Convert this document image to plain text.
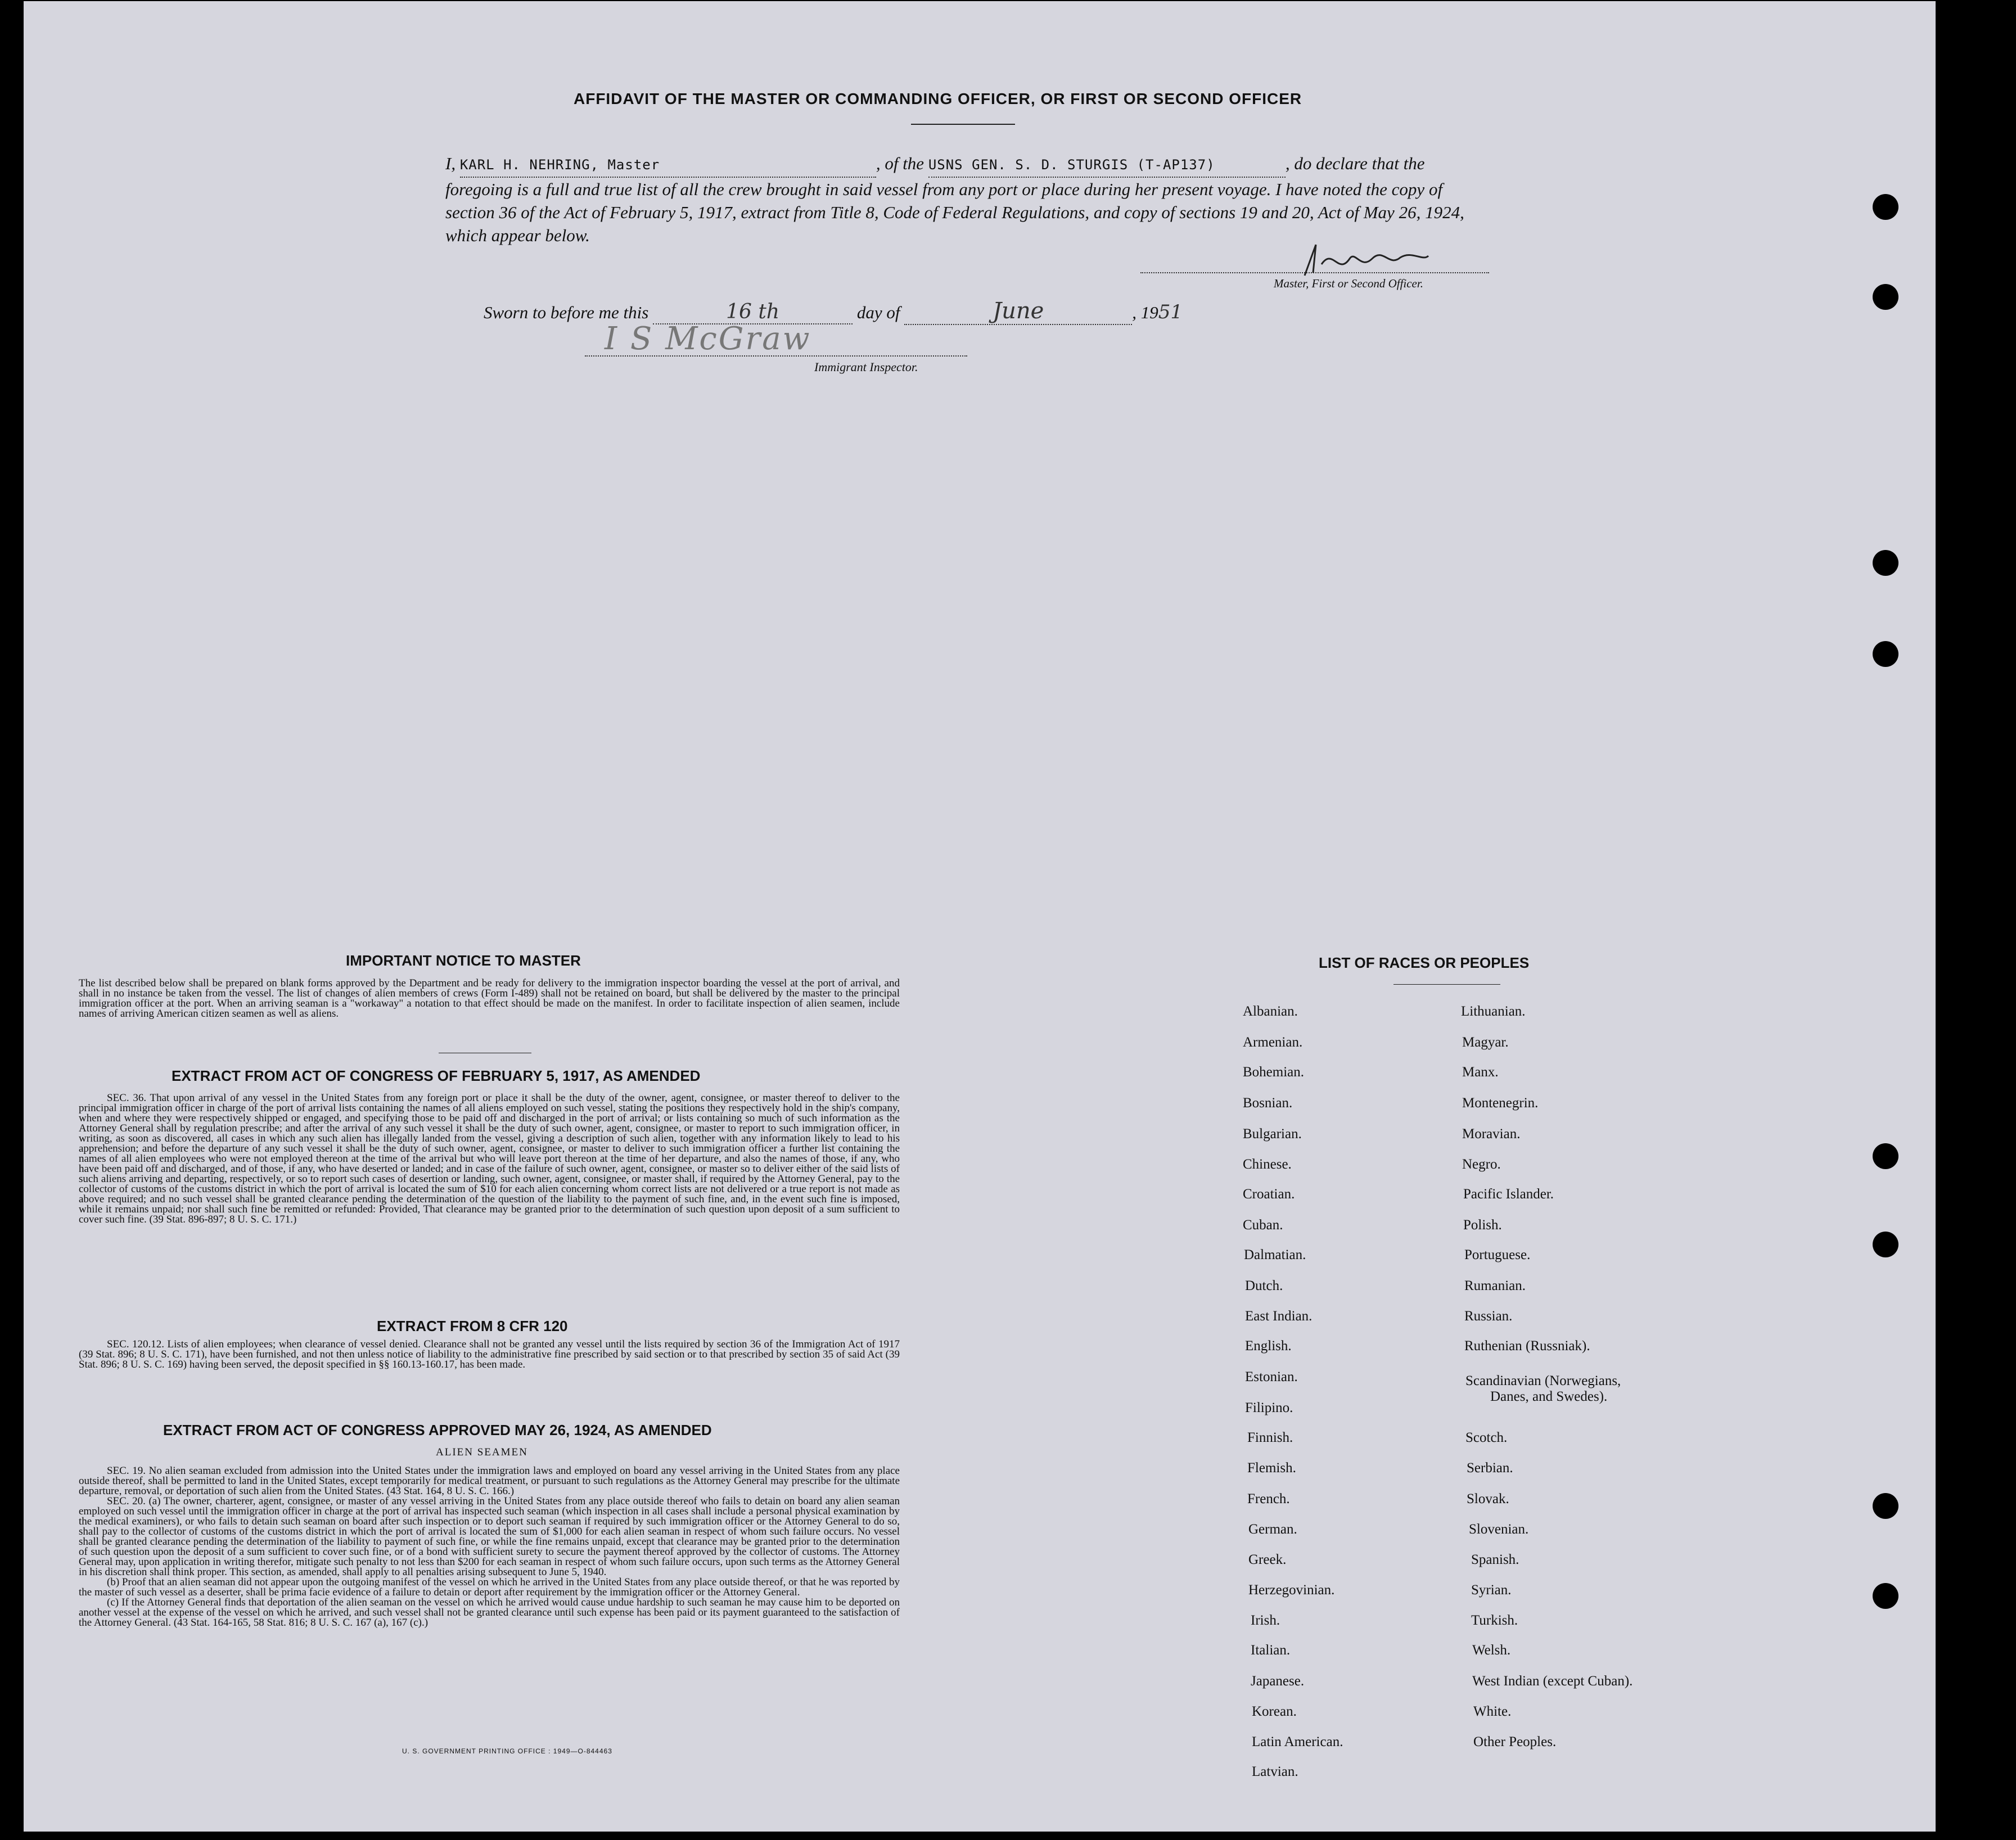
AFFIDAVIT OF THE MASTER OR COMMANDING OFFICER, OR FIRST OR SECOND OFFICER
I, KARL H. NEHRING, Master	, of the USNS GEN. S. D. STURGIS (T-AP137)	, do declare that the foregoing is a full and true list of all the crew brought in said vessel from any port or place during her present voyage. I have noted the copy of section 36 of the Act of February 5, 1917, extract from Title 8, Code of Federal Regulations, and copy of sections 19 and 20, Act of May 26, 1924, which appear below.
Master, First or Second Officer.
Sworn to before me this	16 th	day of	June	, 1951
I S McGraw
Immigrant Inspector.
IMPORTANT NOTICE TO MASTER
The list described below shall be prepared on blank forms approved by the Department and be ready for delivery to the immigration inspector boarding the vessel at the port of arrival, and shall in no instance be taken from the vessel. The list of changes of alien members of crews (Form I-489) shall not be retained on board, but shall be delivered by the master to the principal immigration officer at the port. When an arriving seaman is a "workaway" a notation to that effect should be made on the manifest. In order to facilitate inspection of alien seamen, include names of arriving American citizen seamen as well as aliens.
EXTRACT FROM ACT OF CONGRESS OF FEBRUARY 5, 1917, AS AMENDED
SEC. 36. That upon arrival of any vessel in the United States from any foreign port or place it shall be the duty of the owner, agent, consignee, or master thereof to deliver to the principal immigration officer in charge of the port of arrival lists containing the names of all aliens employed on such vessel, stating the positions they respectively hold in the ship's company, when and where they were respectively shipped or engaged, and specifying those to be paid off and discharged in the port of arrival; or lists containing so much of such information as the Attorney General shall by regulation prescribe; and after the arrival of any such vessel it shall be the duty of such owner, agent, consignee, or master to report to such immigration officer, in writing, as soon as discovered, all cases in which any such alien has illegally landed from the vessel, giving a description of such alien, together with any information likely to lead to his apprehension; and before the departure of any such vessel it shall be the duty of such owner, agent, consignee, or master to deliver to such immigration officer a further list containing the names of all alien employees who were not employed thereon at the time of the arrival but who will leave port thereon at the time of her departure, and also the names of those, if any, who have been paid off and discharged, and of those, if any, who have deserted or landed; and in case of the failure of such owner, agent, consignee, or master so to deliver either of the said lists of such aliens arriving and departing, respectively, or so to report such cases of desertion or landing, such owner, agent, consignee, or master shall, if required by the Attorney General, pay to the collector of customs of the customs district in which the port of arrival is located the sum of $10 for each alien concerning whom correct lists are not delivered or a true report is not made as above required; and no such vessel shall be granted clearance pending the determination of the question of the liability to the payment of such fine, and, in the event such fine is imposed, while it remains unpaid; nor shall such fine be remitted or refunded: Provided, That clearance may be granted prior to the determination of such question upon deposit of a sum sufficient to cover such fine. (39 Stat. 896-897; 8 U. S. C. 171.)
EXTRACT FROM 8 CFR 120
SEC. 120.12. Lists of alien employees; when clearance of vessel denied. Clearance shall not be granted any vessel until the lists required by section 36 of the Immigration Act of 1917 (39 Stat. 896; 8 U. S. C. 171), have been furnished, and not then unless notice of liability to the administrative fine prescribed by said section or to that prescribed by section 35 of said Act (39 Stat. 896; 8 U. S. C. 169) having been served, the deposit specified in §§ 160.13-160.17, has been made.
EXTRACT FROM ACT OF CONGRESS APPROVED MAY 26, 1924, AS AMENDED
ALIEN SEAMEN
SEC. 19. No alien seaman excluded from admission into the United States under the immigration laws and employed on board any vessel arriving in the United States from any place outside thereof, shall be permitted to land in the United States, except temporarily for medical treatment, or pursuant to such regulations as the Attorney General may prescribe for the ultimate departure, removal, or deportation of such alien from the United States. (43 Stat. 164, 8 U. S. C. 166.)
SEC. 20. (a) The owner, charterer, agent, consignee, or master of any vessel arriving in the United States from any place outside thereof who fails to detain on board any alien seaman employed on such vessel until the immigration officer in charge at the port of arrival has inspected such seaman (which inspection in all cases shall include a personal physical examination by the medical examiners), or who fails to detain such seaman on board after such inspection or to deport such seaman if required by such immigration officer or the Attorney General to do so, shall pay to the collector of customs of the customs district in which the port of arrival is located the sum of $1,000 for each alien seaman in respect of whom such failure occurs. No vessel shall be granted clearance pending the determination of the liability to payment of such fine, or while the fine remains unpaid, except that clearance may be granted prior to the determination of such question upon the deposit of a sum sufficient to cover such fine, or of a bond with sufficient surety to secure the payment thereof approved by the collector of customs. The Attorney General may, upon application in writing therefor, mitigate such penalty to not less than $200 for each seaman in respect of whom such failure occurs, upon such terms as the Attorney General in his discretion shall think proper. This section, as amended, shall apply to all penalties arising subsequent to June 5, 1940.
(b) Proof that an alien seaman did not appear upon the outgoing manifest of the vessel on which he arrived in the United States from any place outside thereof, or that he was reported by the master of such vessel as a deserter, shall be prima facie evidence of a failure to detain or deport after requirement by the immigration officer or the Attorney General.
(c) If the Attorney General finds that deportation of the alien seaman on the vessel on which he arrived would cause undue hardship to such seaman he may cause him to be deported on another vessel at the expense of the vessel on which he arrived, and such vessel shall not be granted clearance until such expense has been paid or its payment guaranteed to the satisfaction of the Attorney General. (43 Stat. 164-165, 58 Stat. 816; 8 U. S. C. 167 (a), 167 (c).)
U. S. GOVERNMENT PRINTING OFFICE : 1949—O-844463
LIST OF RACES OR PEOPLES
Albanian.
Armenian.
Bohemian.
Bosnian.
Bulgarian.
Chinese.
Croatian.
Cuban.
Dalmatian.
Dutch.
East Indian.
English.
Estonian.
Filipino.
Finnish.
Flemish.
French.
German.
Greek.
Herzegovinian.
Irish.
Italian.
Japanese.
Korean.
Latin American.
Latvian.
Lithuanian.
Magyar.
Manx.
Montenegrin.
Moravian.
Negro.
Pacific Islander.
Polish.
Portuguese.
Rumanian.
Russian.
Ruthenian (Russniak).
Scandinavian (Norwegians,
Danes, and Swedes).
Scotch.
Serbian.
Slovak.
Slovenian.
Spanish.
Syrian.
Turkish.
Welsh.
West Indian (except Cuban).
White.
Other Peoples.
